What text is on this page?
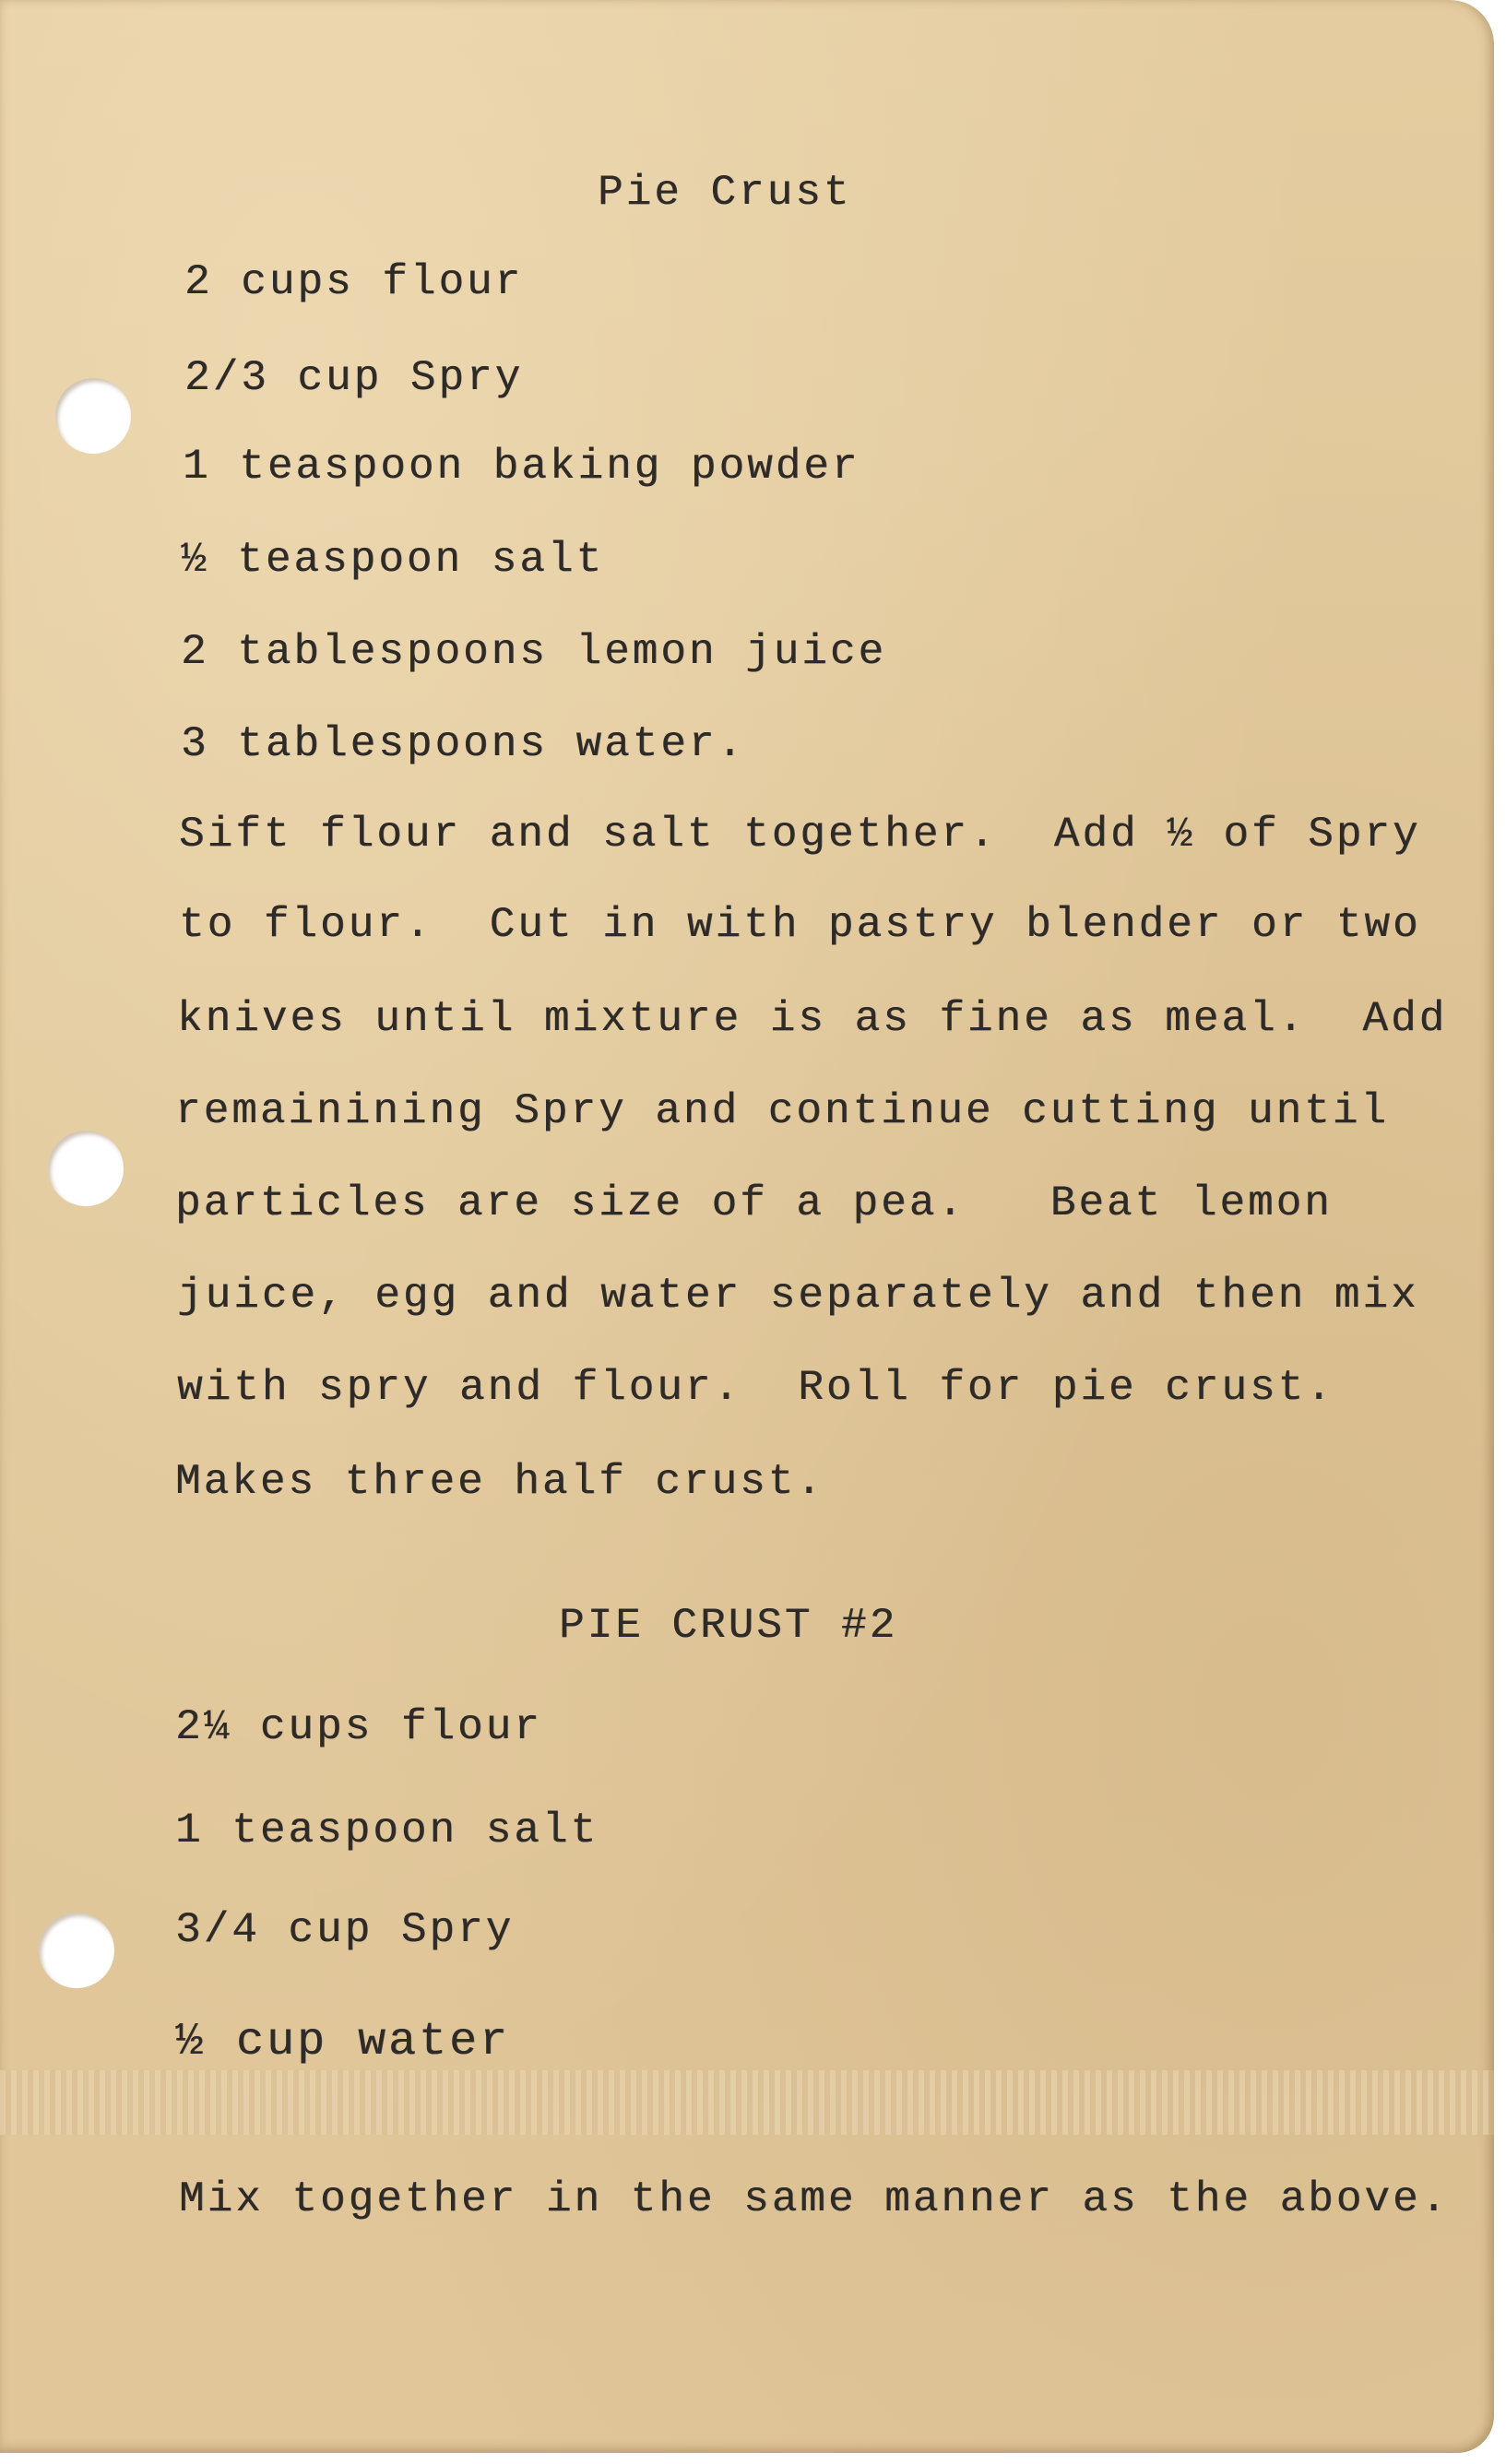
Pie Crust
2 cups flour
2/3 cup Spry
1 teaspoon baking powder
½ teaspoon salt
2 tablespoons lemon juice
3 tablespoons water.
Sift flour and salt together.  Add ½ of Spry
to flour.  Cut in with pastry blender or two
knives until mixture is as fine as meal.  Add
remainining Spry and continue cutting until
particles are size of a pea.   Beat lemon
juice, egg and water separately and then mix
with spry and flour.  Roll for pie crust.
Makes three half crust.
PIE CRUST #2
2¼ cups flour
1 teaspoon salt
3/4 cup Spry
½ cup water
Mix together in the same manner as the above.
